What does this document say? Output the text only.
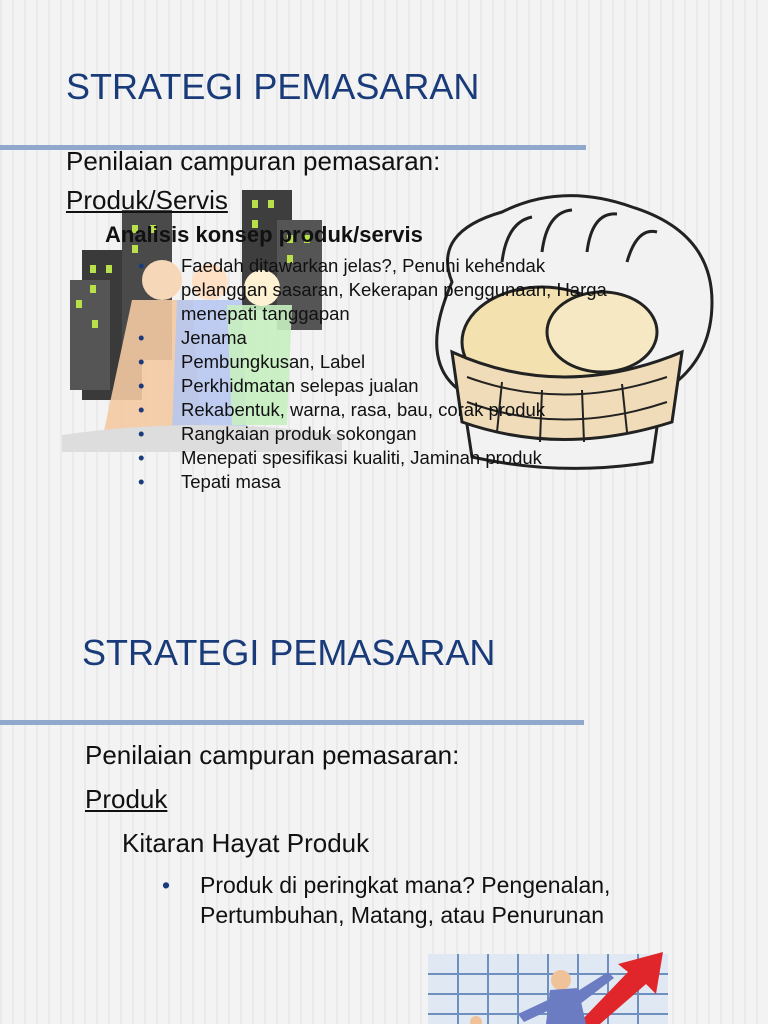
STRATEGI PEMASARAN
Penilaian campuran pemasaran:
Produk/Servis
Analisis konsep produk/servis
• Faedah ditawarkan jelas?, Penuhi kehendak
pelanggan sasaran, Kekerapan penggunaan, Harga
menepati tanggapan
• Jenama
• Pembungkusan, Label
• Perkhidmatan selepas jualan
• Rekabentuk, warna, rasa, bau, corak produk
• Rangkaian produk sokongan
• Menepati spesifikasi kualiti, Jaminan produk
• Tepati masa
STRATEGI PEMASARAN
Penilaian campuran pemasaran:
Produk
Kitaran Hayat Produk
• Produk di peringkat mana? Pengenalan,
Pertumbuhan, Matang, atau Penurunan
